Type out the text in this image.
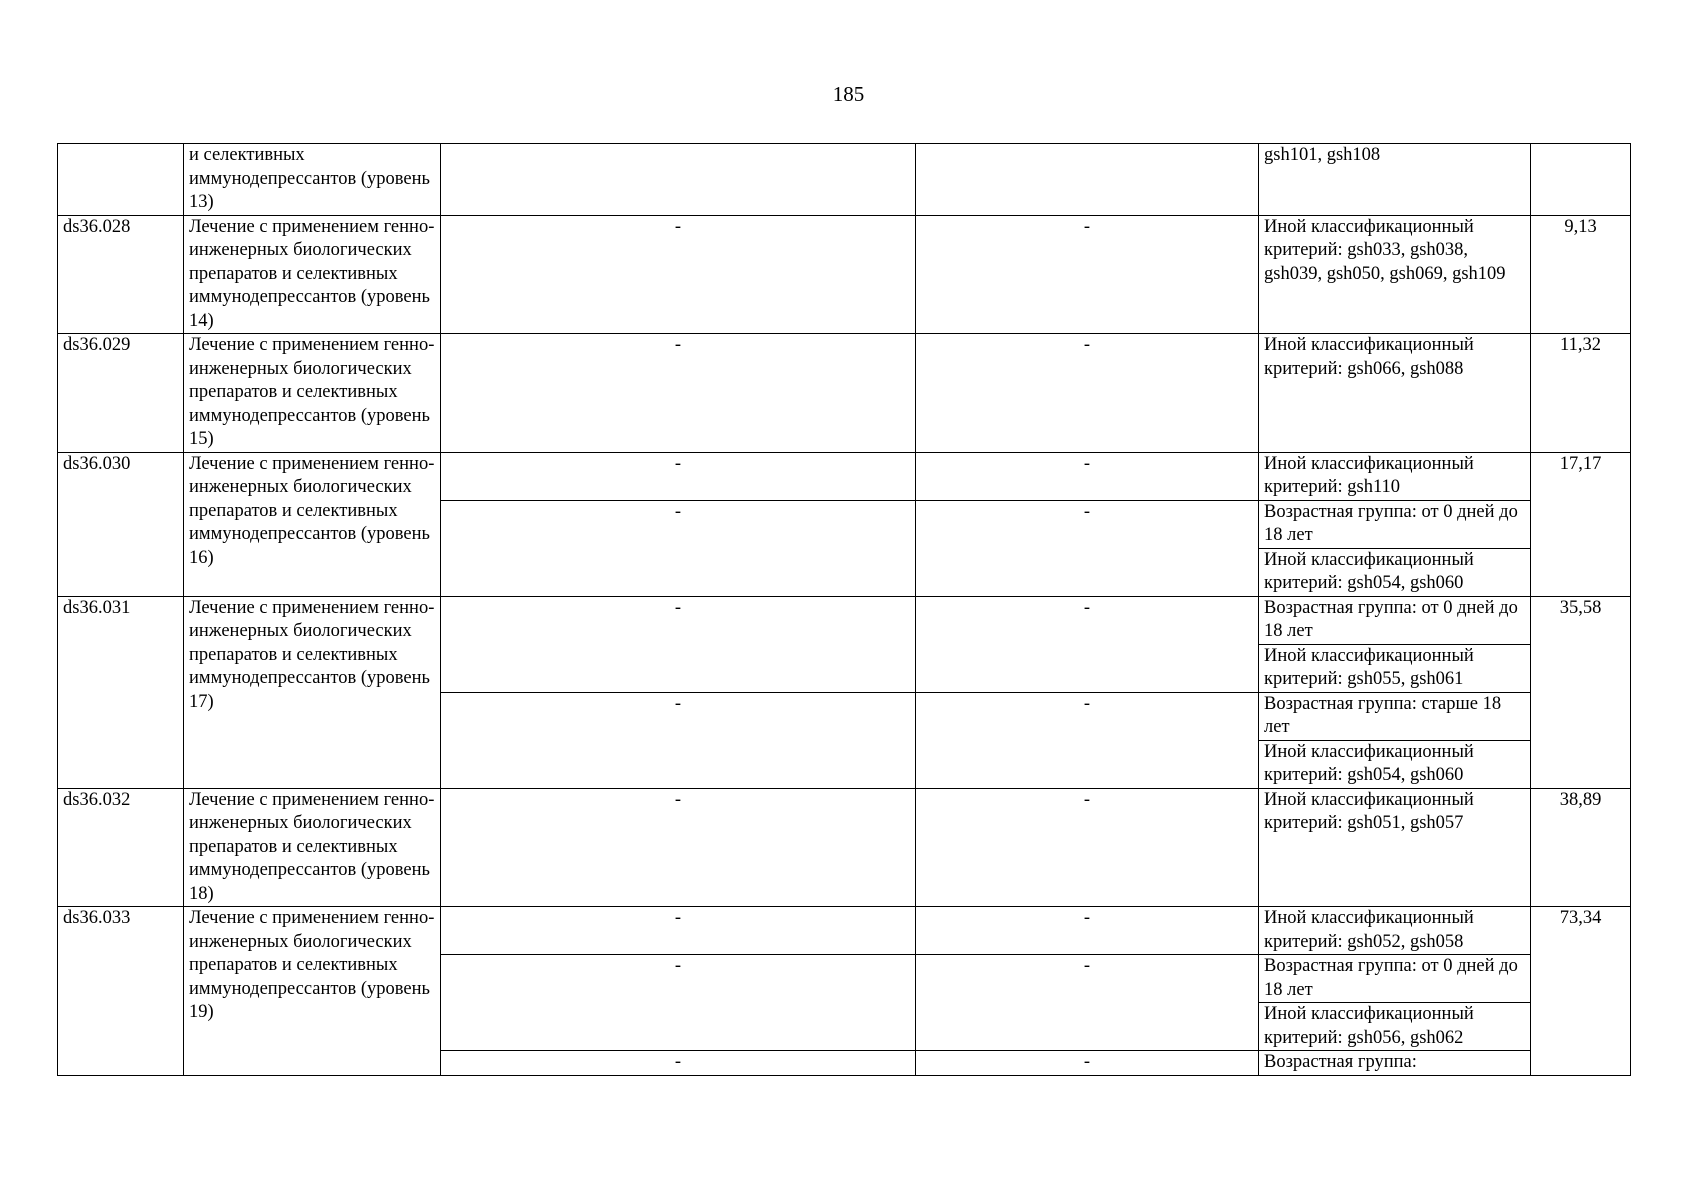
185
	и селективных иммунодепрессантов (уровень 13)			gsh101, gsh108	
ds36.028	Лечение с применением генно-инженерных биологических препаратов и селективных иммунодепрессантов (уровень 14)	-	-	Иной классификационный критерий: gsh033, gsh038, gsh039, gsh050, gsh069, gsh109	9,13
ds36.029	Лечение с применением генно-инженерных биологических препаратов и селективных иммунодепрессантов (уровень 15)	-	-	Иной классификационный критерий: gsh066, gsh088	11,32
ds36.030	Лечение с применением генно-инженерных биологических препаратов и селективных иммунодепрессантов (уровень 16)	-	-	Иной классификационный критерий: gsh110	17,17
		-	-	Возрастная группа: от 0 дней до 18 лет	
				Иной классификационный критерий: gsh054, gsh060	
ds36.031	Лечение с применением генно-инженерных биологических препаратов и селективных иммунодепрессантов (уровень 17)	-	-	Возрастная группа: от 0 дней до 18 лет	35,58
				Иной классификационный критерий: gsh055, gsh061	
		-	-	Возрастная группа: старше 18 лет	
				Иной классификационный критерий: gsh054, gsh060	
ds36.032	Лечение с применением генно-инженерных биологических препаратов и селективных иммунодепрессантов (уровень 18)	-	-	Иной классификационный критерий: gsh051, gsh057	38,89
ds36.033	Лечение с применением генно-инженерных биологических препаратов и селективных иммунодепрессантов (уровень 19)	-	-	Иной классификационный критерий: gsh052, gsh058	73,34
		-	-	Возрастная группа: от 0 дней до 18 лет	
				Иной классификационный критерий: gsh056, gsh062	
		-	-	Возрастная группа:	
